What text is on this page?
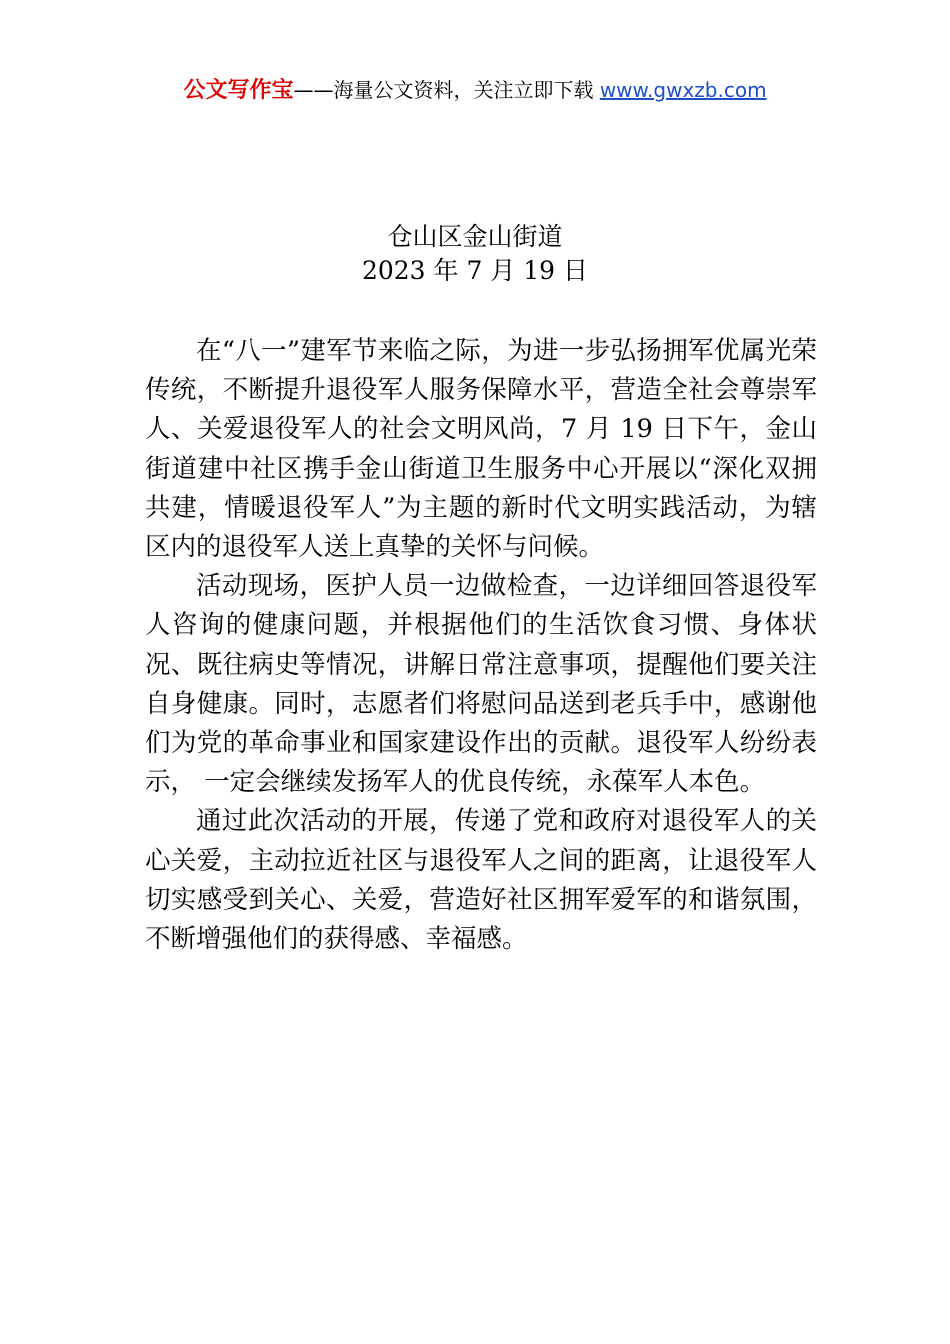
公文写作宝——海量公文资料，关注立即下载 www.gwxzb.com
仓山区金山街道
2023 年 7 月 19 日

在“八一”建军节来临之际，为进一步弘扬拥军优属光荣传统，不断提升退役军人服务保障水平，营造全社会尊崇军人、关爱退役军人的社会文明风尚，7 月 19 日下午，金山街道建中社区携手金山街道卫生服务中心开展以“深化双拥共建，情暖退役军人”为主题的新时代文明实践活动，为辖区内的退役军人送上真挚的关怀与问候。

活动现场，医护人员一边做检查，一边详细回答退役军人咨询的健康问题，并根据他们的生活饮食习惯、身体状况、既往病史等情况，讲解日常注意事项，提醒他们要关注自身健康。同时，志愿者们将慰问品送到老兵手中，感谢他们为党的革命事业和国家建设作出的贡献。退役军人纷纷表示， 一定会继续发扬军人的优良传统，永葆军人本色。

通过此次活动的开展，传递了党和政府对退役军人的关心关爱，主动拉近社区与退役军人之间的距离，让退役军人切实感受到关心、关爱，营造好社区拥军爱军的和谐氛围， 不断增强他们的获得感、幸福感。
